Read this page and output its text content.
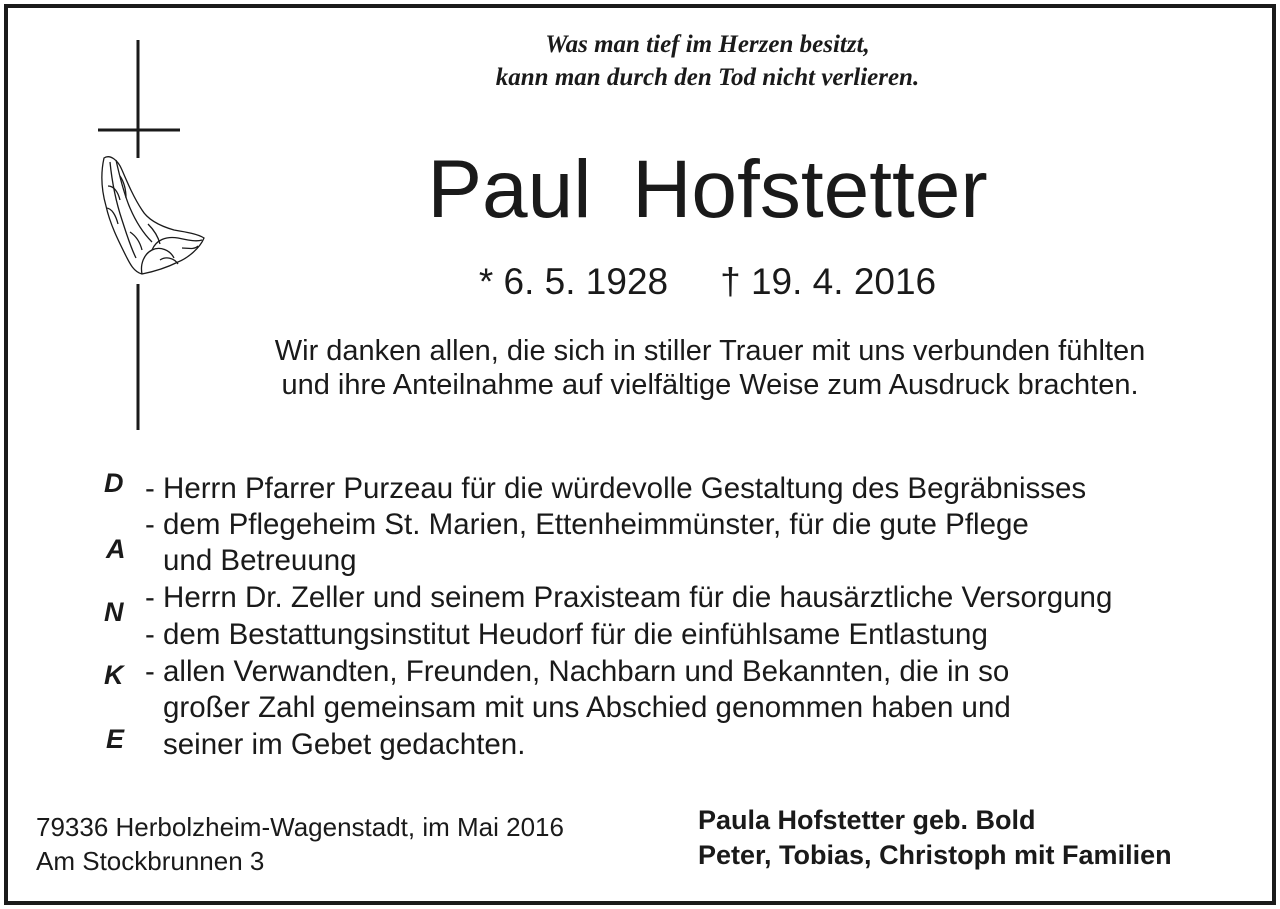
Was man tief im Herzen besitzt,
kann man durch den Tod nicht verlieren.
Paul Hofstetter
* 6. 5. 1928 † 19. 4. 2016
Wir danken allen, die sich in stiller Trauer mit uns verbunden fühlten
und ihre Anteilnahme auf vielfältige Weise zum Ausdruck brachten.
D
A
N
K
E
- Herrn Pfarrer Purzeau für die würdevolle Gestaltung des Begräbnisses
- dem Pflegeheim St. Marien, Ettenheimmünster, für die gute Pflege
und Betreuung
- Herrn Dr. Zeller und seinem Praxisteam für die hausärztliche Versorgung
- dem Bestattungsinstitut Heudorf für die einfühlsame Entlastung
- allen Verwandten, Freunden, Nachbarn und Bekannten, die in so
großer Zahl gemeinsam mit uns Abschied genommen haben und
seiner im Gebet gedachten.
79336 Herbolzheim-Wagenstadt, im Mai 2016
Am Stockbrunnen 3
Paula Hofstetter geb. Bold
Peter, Tobias, Christoph mit Familien
